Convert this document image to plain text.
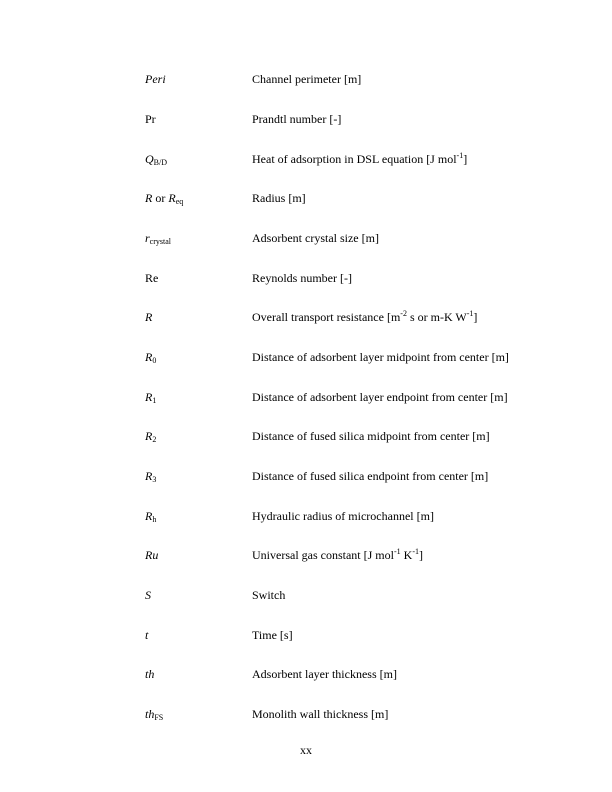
Peri	Channel perimeter [m]
Pr	Prandtl number [-]
QB/D	Heat of adsorption in DSL equation [J mol$^{-1}$]
R or Req	Radius [m]
rcrystal	Adsorbent crystal size [m]
Re	Reynolds number [-]
R	Overall transport resistance [$m^{-2}$ s or m-K $W^{-1}$]
R0	Distance of adsorbent layer midpoint from center [m]
R1	Distance of adsorbent layer endpoint from center [m]
R2	Distance of fused silica midpoint from center [m]
R3	Distance of fused silica endpoint from center [m]
Rh	Hydraulic radius of microchannel [m]
Ru	Universal gas constant [J mol$^{-1}$ $K^{-1}$]
S	Switch
t	Time [s]
th	Adsorbent layer thickness [m]
thFS	Monolith wall thickness [m]
xx
